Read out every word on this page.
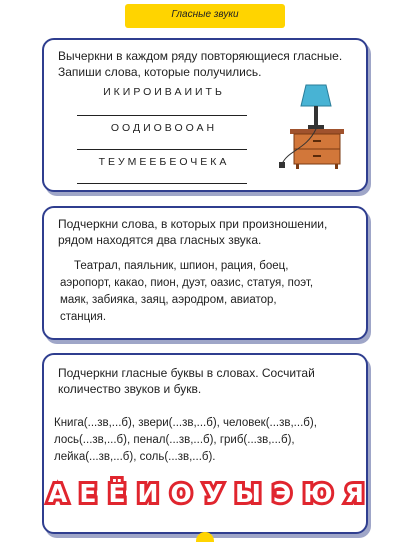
Гласные звуки
Вычеркни в каждом ряду повторяющиеся гласные. Запиши слова, которые получились.
ИКИРОИВАИИТЬ
ООДИОВООАН
ТЕУМЕЕБЕОЧЕКА
Подчеркни слова, в которых при произношении, рядом находятся два гласных звука.
Театрал, паяльник, шпион, рация, боец,
аэропорт, какао, пион, дуэт, оазис, статуя, поэт,
маяк, забияка, заяц, аэродром, авиатор,
станция.
Подчеркни гласные буквы в словах. Сосчитай количество звуков и букв.
Книга(...зв,...б), звери(...зв,...б), человек(...зв,...б),
лось(...зв,...б), пенал(...зв,...б), гриб(...зв,...б),
лейка(...зв,...б), соль(...зв,...б).
А Е Ё И О У Ы Э Ю Я
